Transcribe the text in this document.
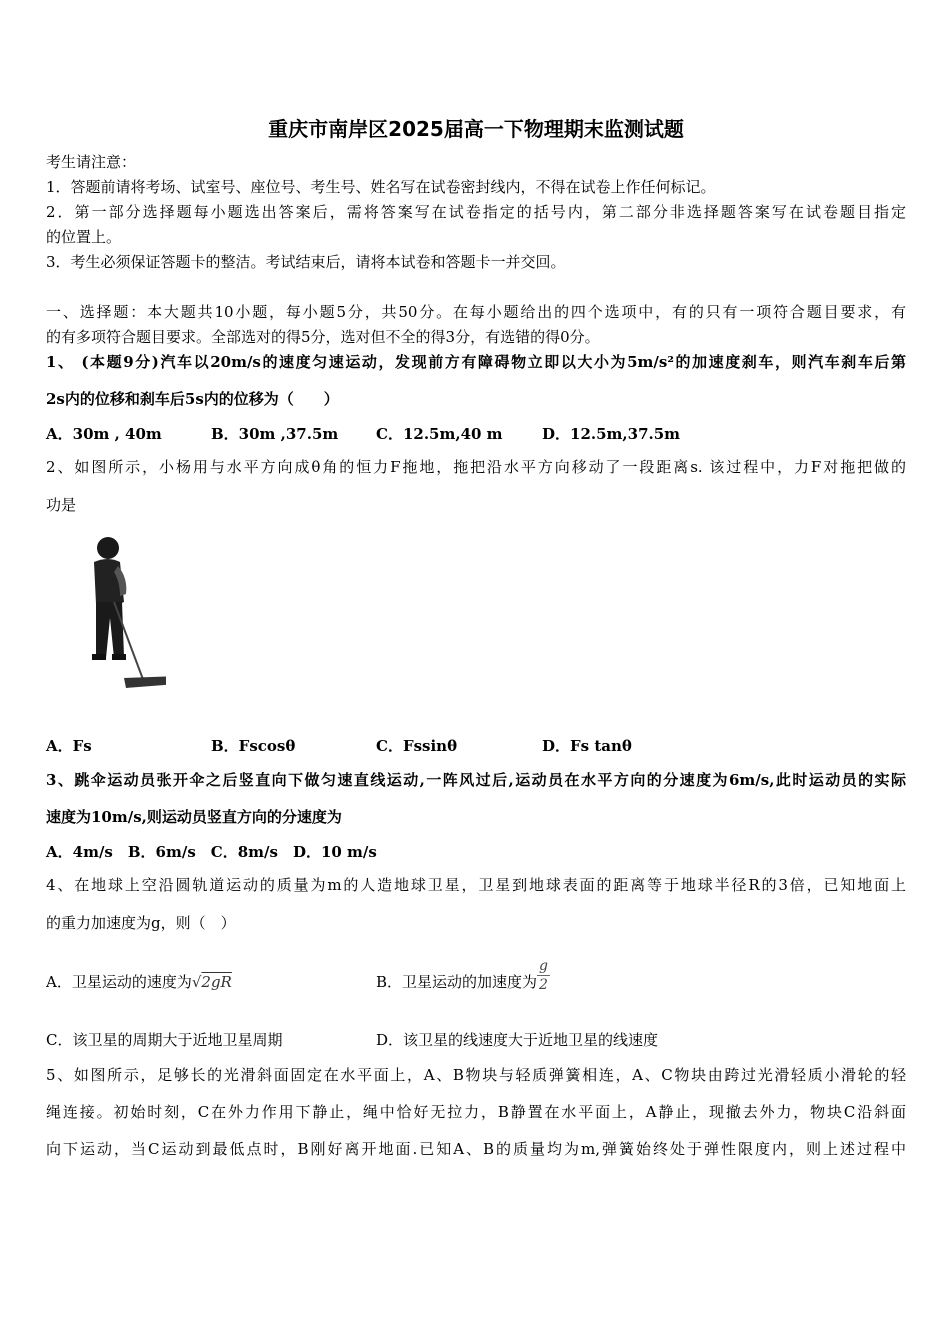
重庆市南岸区2025届高一下物理期末监测试题
考生请注意：
1．答题前请将考场、试室号、座位号、考生号、姓名写在试卷密封线内，不得在试卷上作任何标记。
2．第一部分选择题每小题选出答案后，需将答案写在试卷指定的括号内，第二部分非选择题答案写在试卷题目指定
的位置上。
3．考生必须保证答题卡的整洁。考试结束后，请将本试卷和答题卡一并交回。
一、选择题：本大题共10小题，每小题5分，共50分。在每小题给出的四个选项中，有的只有一项符合题目要求，有
的有多项符合题目要求。全部选对的得5分，选对但不全的得3分，有选错的得0分。
1、 (本题9分)汽车以20m/s的速度匀速运动，发现前方有障碍物立即以大小为5m/s²的加速度刹车，则汽车刹车后第
2s内的位移和刹车后5s内的位移为（　　）
A．30m , 40m	B．30m ,37.5m	C．12.5m,40 m	D．12.5m,37.5m
2、如图所示，小杨用与水平方向成θ角的恒力F拖地，拖把沿水平方向移动了一段距离s. 该过程中，力F对拖把做的
功是
A．Fs	B．Fscosθ	C．Fssinθ	D．Fs tanθ
3、跳伞运动员张开伞之后竖直向下做匀速直线运动,一阵风过后,运动员在水平方向的分速度为6m/s,此时运动员的实际
速度为10m/s,则运动员竖直方向的分速度为
A．4m/s　B．6m/s　C．8m/s　D．10 m/s
4、在地球上空沿圆轨道运动的质量为m的人造地球卫星，卫星到地球表面的距离等于地球半径R的3倍，已知地面上
的重力加速度为g，则（　）
A．卫星运动的速度为√2gR	B．卫星运动的加速度为 $\frac{g}{2}$
C．该卫星的周期大于近地卫星周期	D．该卫星的线速度大于近地卫星的线速度
5、如图所示，足够长的光滑斜面固定在水平面上，A、B物块与轻质弹簧相连，A、C物块由跨过光滑轻质小滑轮的轻
绳连接。初始时刻，C在外力作用下静止，绳中恰好无拉力，B静置在水平面上，A静止，现撤去外力，物块C沿斜面
向下运动，当C运动到最低点时，B刚好离开地面.已知A、B的质量均为m,弹簧始终处于弹性限度内，则上述过程中
